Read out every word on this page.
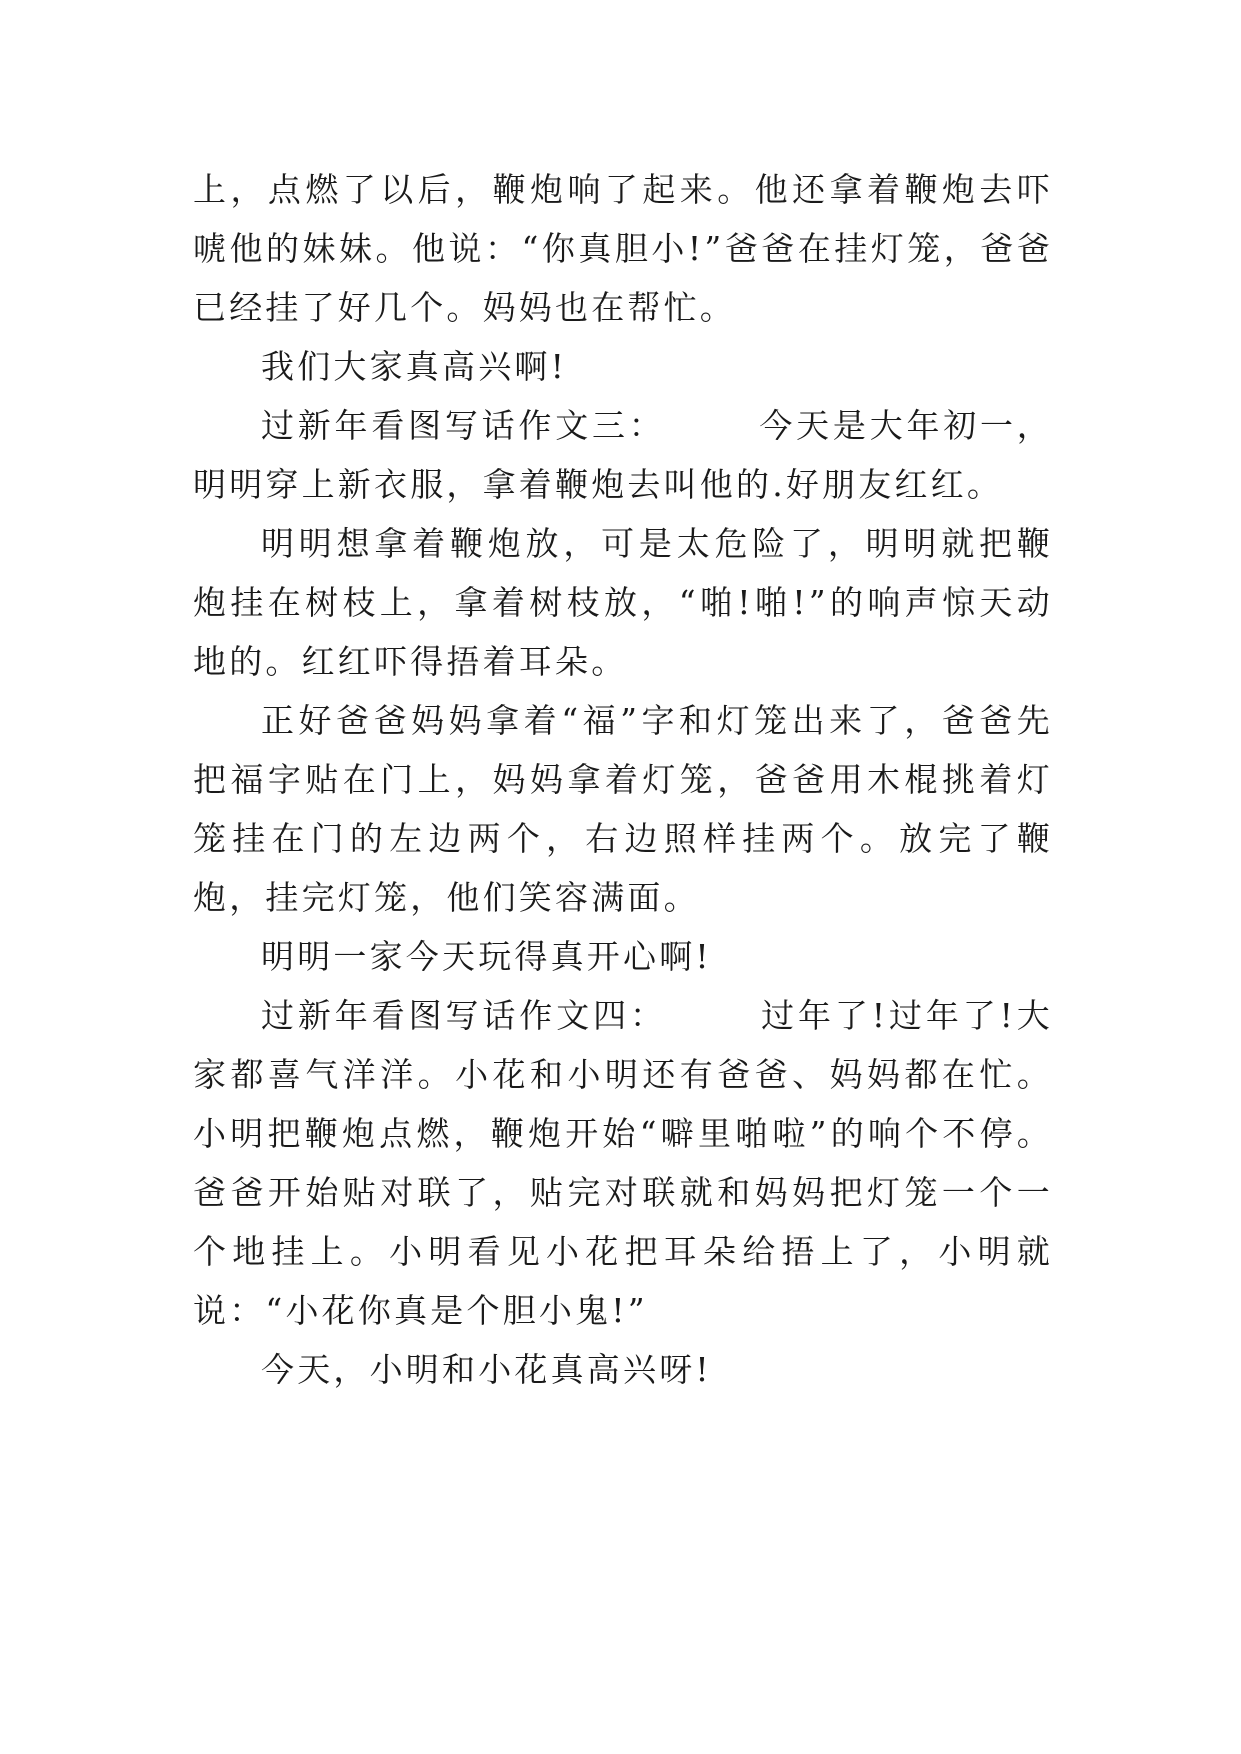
上，点燃了以后，鞭炮响了起来。他还拿着鞭炮去吓唬他的妹妹。他说：“你真胆小!”爸爸在挂灯笼，爸爸已经挂了好几个。妈妈也在帮忙。

我们大家真高兴啊!

过新年看图写话作文三：　　　今天是大年初一，明明穿上新衣服，拿着鞭炮去叫他的.好朋友红红。

明明想拿着鞭炮放，可是太危险了，明明就把鞭炮挂在树枝上，拿着树枝放，“啪!啪!”的响声惊天动地的。红红吓得捂着耳朵。

正好爸爸妈妈拿着“福”字和灯笼出来了，爸爸先把福字贴在门上，妈妈拿着灯笼，爸爸用木棍挑着灯笼挂在门的左边两个，右边照样挂两个。放完了鞭炮，挂完灯笼，他们笑容满面。

明明一家今天玩得真开心啊!

过新年看图写话作文四：　　　过年了!过年了!大家都喜气洋洋。小花和小明还有爸爸、妈妈都在忙。小明把鞭炮点燃，鞭炮开始“噼里啪啦”的响个不停。爸爸开始贴对联了，贴完对联就和妈妈把灯笼一个一个地挂上。小明看见小花把耳朵给捂上了，小明就说：“小花你真是个胆小鬼!”

今天，小明和小花真高兴呀!
